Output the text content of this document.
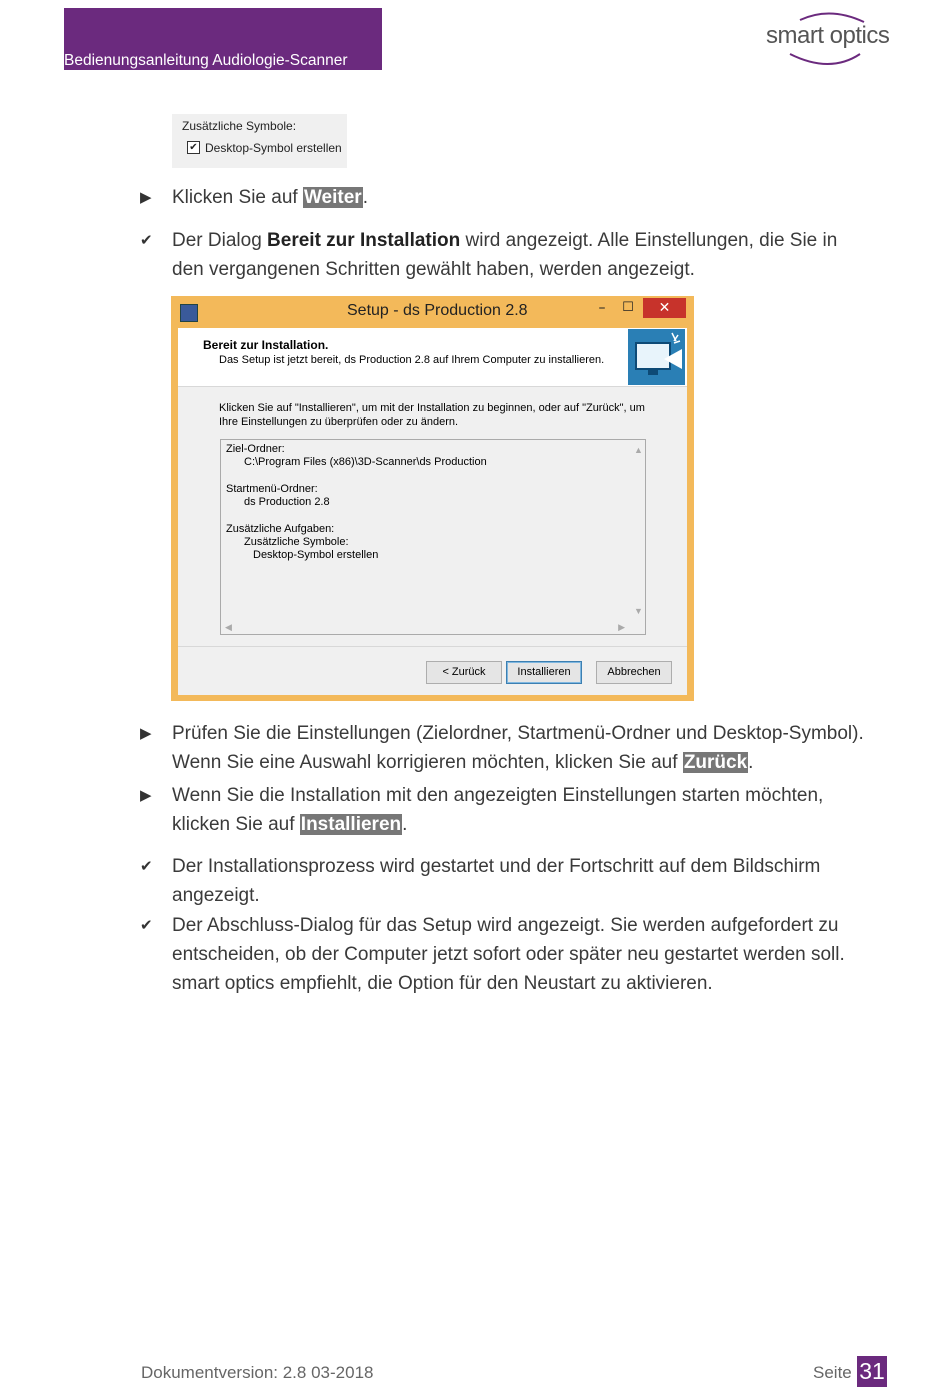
Bedienungsanleitung Audiologie-Scanner
smart optics
Zusätzliche Symbole:
✔ Desktop-Symbol erstellen
▶	Klicken Sie auf Weiter.
✔	Der Dialog Bereit zur Installation wird angezeigt. Alle Einstellungen, die Sie in den vergangenen Schritten gewählt haben, werden angezeigt.
Setup - ds Production 2.8	–	☐	✕
Bereit zur Installation.
Das Setup ist jetzt bereit, ds Production 2.8 auf Ihrem Computer zu installieren.
Klicken Sie auf "Installieren", um mit der Installation zu beginnen, oder auf "Zurück", um Ihre Einstellungen zu überprüfen oder zu ändern.
Ziel-Ordner:
C:\Program Files (x86)\3D-Scanner\ds Production
Startmenü-Ordner:
ds Production 2.8
Zusätzliche Aufgaben:
Zusätzliche Symbole:
Desktop-Symbol erstellen
▲
▼
◀	▶
< Zurück	Installieren	Abbrechen
▶	Prüfen Sie die Einstellungen (Zielordner, Startmenü-Ordner und Desktop-Symbol). Wenn Sie eine Auswahl korrigieren möchten, klicken Sie auf Zurück.
▶	Wenn Sie die Installation mit den angezeigten Einstellungen starten möchten, klicken Sie auf Installieren.
✔	Der Installationsprozess wird gestartet und der Fortschritt auf dem Bildschirm angezeigt.
✔	Der Abschluss-Dialog für das Setup wird angezeigt. Sie werden aufgefordert zu entscheiden, ob der Computer jetzt sofort oder später neu gestartet werden soll. smart optics empfiehlt, die Option für den Neustart zu aktivieren.
Dokumentversion: 2.8 03-2018	Seite 31
